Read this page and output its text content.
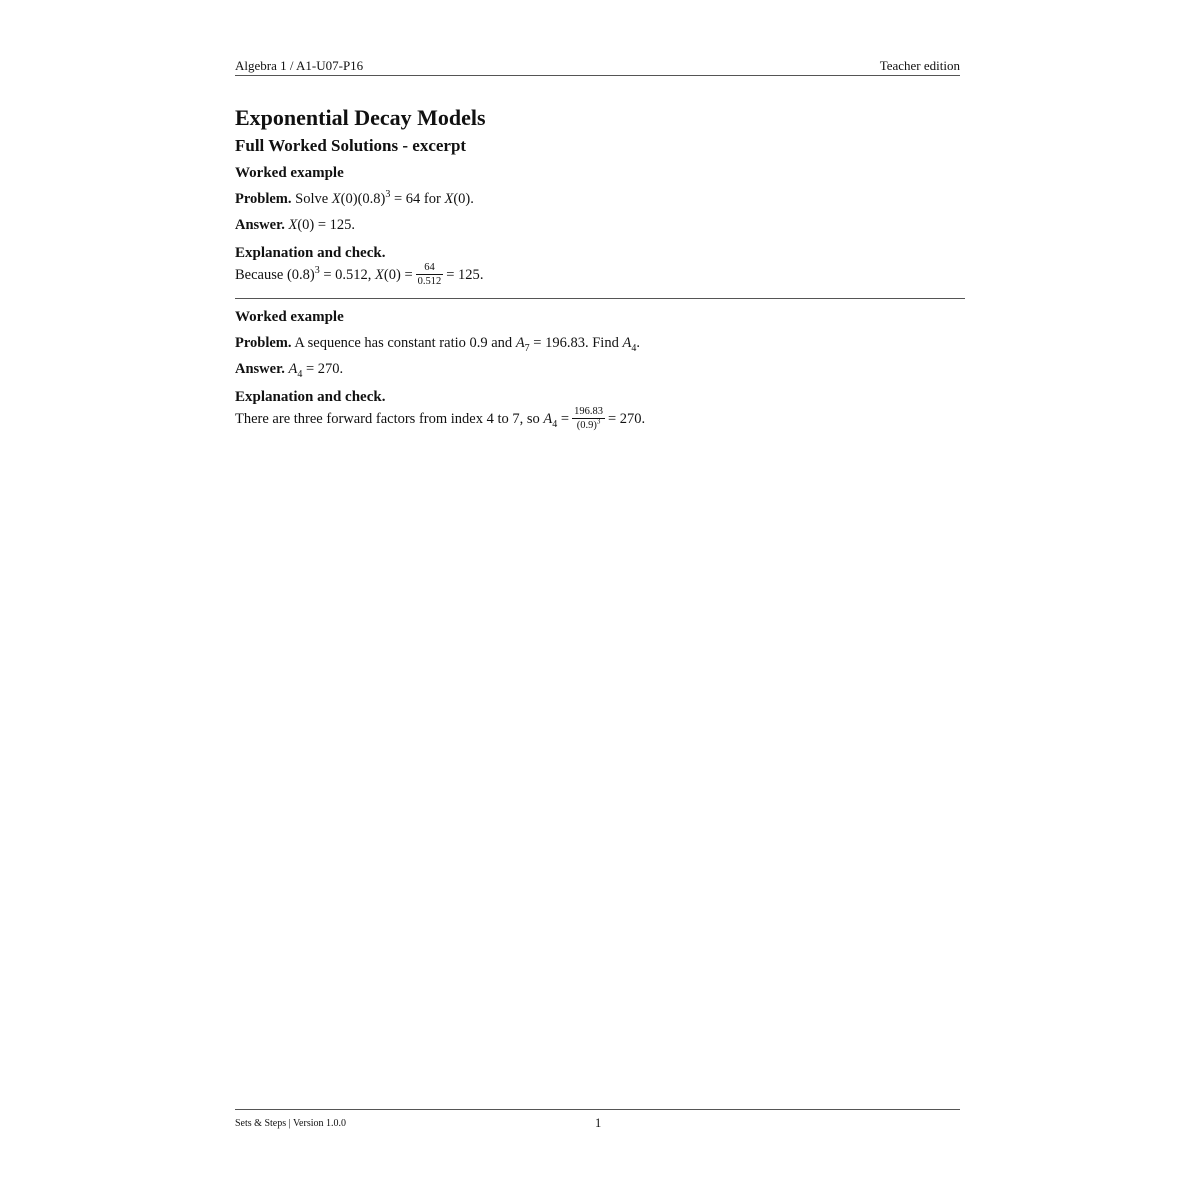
Algebra 1 / A1-U07-P16	Teacher edition
Exponential Decay Models
Full Worked Solutions - excerpt
Worked example

Problem. Solve $X(0)(0.8)^3 = 64$ for X(0).

Answer. X(0) = 125.

Explanation and check.

Because $(0.8)^3 = 0.512$, $X(0) = \frac{64}{0.512} = 125$.

Worked example

Problem. A sequence has constant ratio 0.9 and $A_7 = 196.83$. Find $A_4$.

Answer. $A_4 = 270$.

Explanation and check.

There are three forward factors from index 4 to 7, so $A_4 = \frac{196.83}{(0.9)^3} = 270$.

Sets & Steps | Version 1.0.0	1
